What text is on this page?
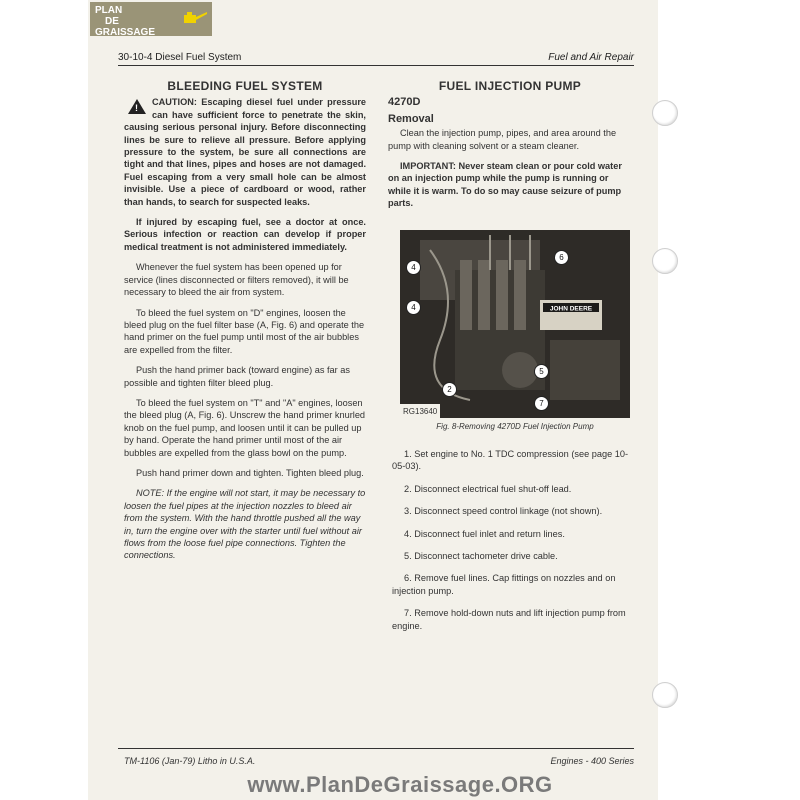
PLAN
DE
GRAISSAGE
30-10-4 Diesel Fuel System	Fuel and Air Repair
BLEEDING FUEL SYSTEM
!

CAUTION: Escaping diesel fuel under pressure can have sufficient force to penetrate the skin, causing serious personal injury. Before disconnecting lines be sure to relieve all pressure. Before applying pressure to the system, be sure all connections are tight and that lines, pipes and hoses are not damaged. Fuel escaping from a very small hole can be almost invisible. Use a piece of cardboard or wood, rather than hands, to search for suspected leaks.

If injured by escaping fuel, see a doctor at once. Serious infection or reaction can develop if proper medical treatment is not administered immediately.

Whenever the fuel system has been opened up for service (lines disconnected or filters removed), it will be necessary to bleed the air from system.

To bleed the fuel system on "D" engines, loosen the bleed plug on the fuel filter base (A, Fig. 6) and operate the hand primer on the fuel pump until most of the air bubbles are expelled from the filter.

Push the hand primer back (toward engine) as far as possible and tighten filter bleed plug.

To bleed the fuel system on "T" and "A" engines, loosen the bleed plug (A, Fig. 6). Unscrew the hand primer knurled knob on the fuel pump, and loosen until it can be pulled up by hand. Operate the hand primer until most of the air bubbles are expelled from the glass bowl on the pump.

Push hand primer down and tighten. Tighten bleed plug.

NOTE: If the engine will not start, it may be necessary to loosen the fuel pipes at the injection nozzles to bleed air from the system. With the hand throttle pushed all the way in, turn the engine over with the starter until fuel without air flows from the loose fuel pipe connections. Tighten the connections.

FUEL INJECTION PUMP
4270D
Removal

Clean the injection pump, pipes, and area around the pump with cleaning solvent or a steam cleaner.

IMPORTANT: Never steam clean or pour cold water on an injection pump while the pump is running or while it is warm. To do so may cause seizure of pump parts.

JOHN DEERE
RG13640
4
6
4
5
2
7
Fig. 8-Removing 4270D Fuel Injection Pump
1. Set engine to No. 1 TDC compression (see page 10-05-03).
2. Disconnect electrical fuel shut-off lead.
3. Disconnect speed control linkage (not shown).
4. Disconnect fuel inlet and return lines.
5. Disconnect tachometer drive cable.
6. Remove fuel lines. Cap fittings on nozzles and on injection pump.
7. Remove hold-down nuts and lift injection pump from engine.
TM-1106 (Jan-79) Litho in U.S.A.	Engines - 400 Series
www.PlanDeGraissage.ORG
